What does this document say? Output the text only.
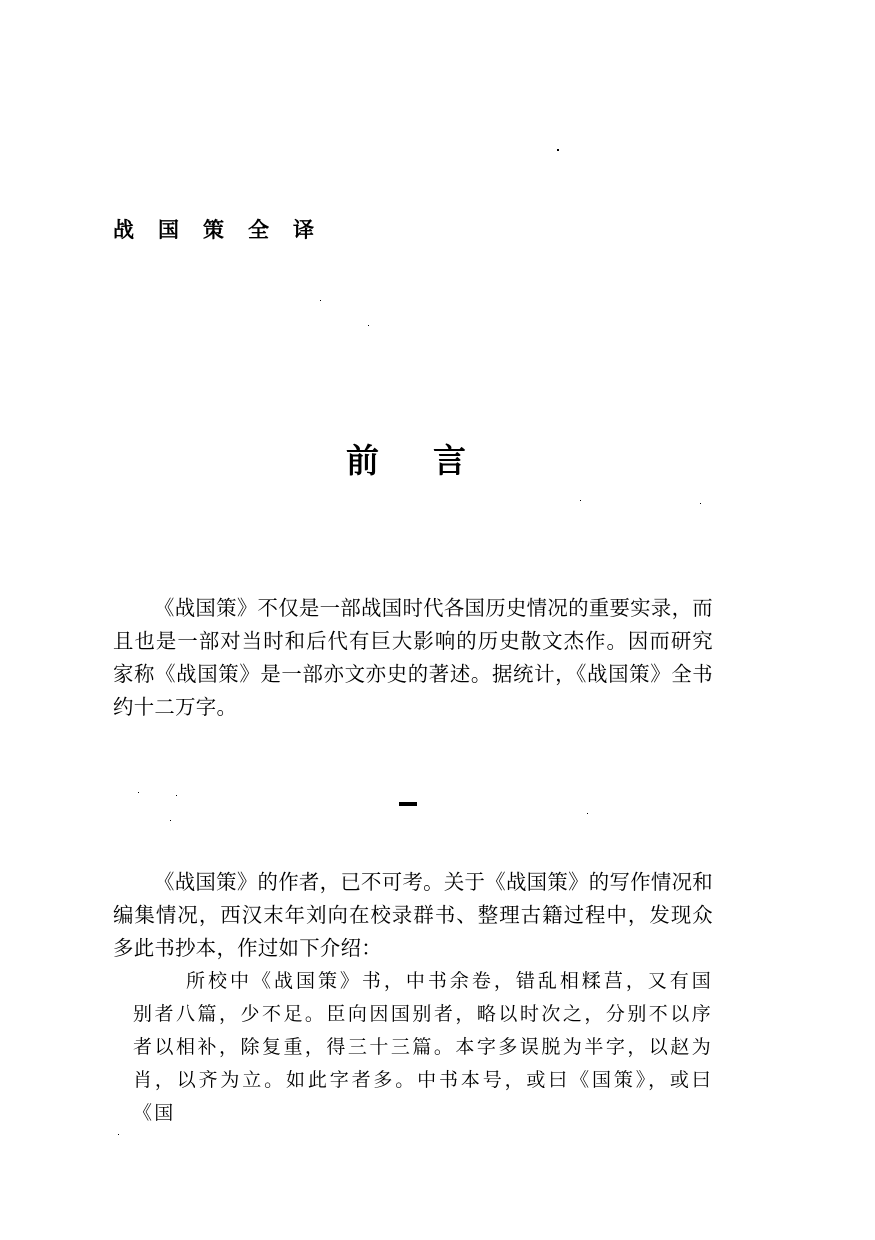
战国策全译
前言

《战国策》不仅是一部战国时代各国历史情况的重要实录，而且也是一部对当时和后代有巨大影响的历史散文杰作。因而研究家称《战国策》是一部亦文亦史的著述。据统计，《战国策》全书约十二万字。

《战国策》的作者，已不可考。关于《战国策》的写作情况和编集情况，西汉末年刘向在校录群书、整理古籍过程中，发现众多此书抄本，作过如下介绍：

所校中《战国策》书，中书余卷，错乱相糅莒，又有国别者八篇，少不足。臣向因国别者，略以时次之，分别不以序者以相补，除复重，得三十三篇。本字多误脱为半字，以赵为肖，以齐为立。如此字者多。中书本号，或曰《国策》，或曰《国
